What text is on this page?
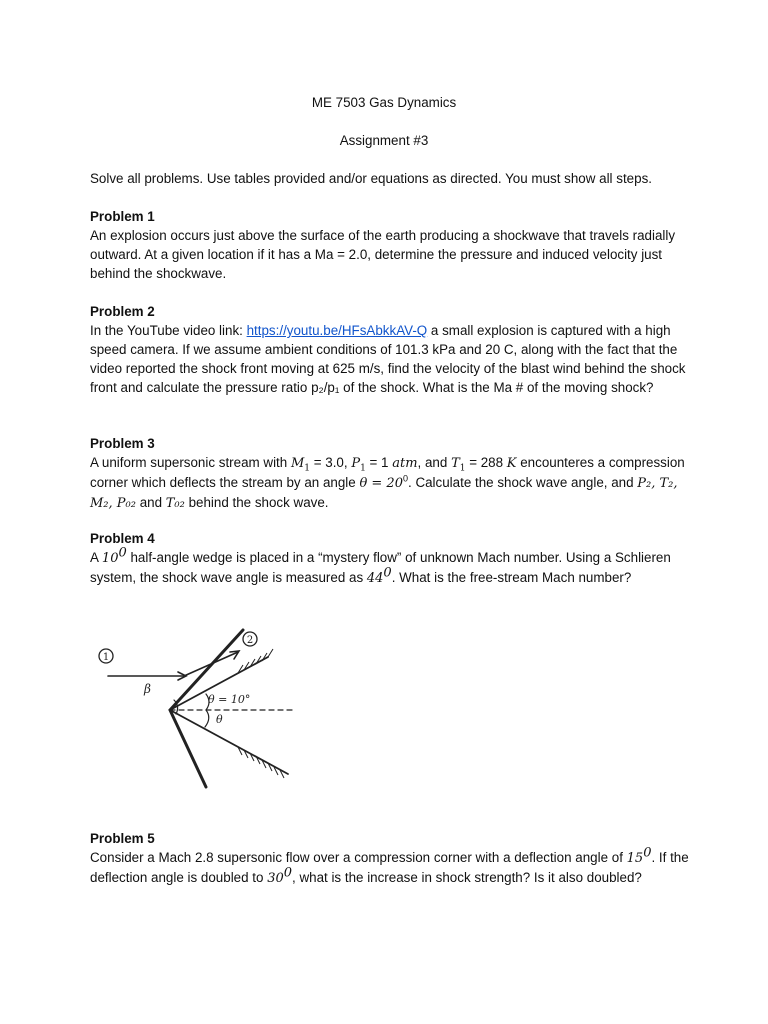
ME 7503 Gas Dynamics
Assignment #3
Solve all problems. Use tables provided and/or equations as directed. You must show all steps.
Problem 1
An explosion occurs just above the surface of the earth producing a shockwave that travels radially outward. At a given location if it has a Ma = 2.0, determine the pressure and induced velocity just behind the shockwave.
Problem 2
In the YouTube video link: https://youtu.be/HFsAbkkAV-Q a small explosion is captured with a high speed camera. If we assume ambient conditions of 101.3 kPa and 20 C, along with the fact that the video reported the shock front moving at 625 m/s, find the velocity of the blast wind behind the shock front and calculate the pressure ratio p₂/p₁ of the shock. What is the Ma # of the moving shock?
Problem 3
A uniform supersonic stream with $M_1 = 3.0$, $P_1 = 1$ atm, and $T_1 = 288$ K encounteres a compression corner which deflects the stream by an angle $\theta = 20^0$. Calculate the shock wave angle, and P₂, T₂, M₂, P₀₂ and T₀₂ behind the shock wave.
Problem 4
A $10^0$ half-angle wedge is placed in a “mystery flow” of unknown Mach number. Using a Schlieren system, the shock wave angle is measured as $44^0$. What is the free-stream Mach number?
1
2
β
θ = 10°
θ
Problem 5
Consider a Mach 2.8 supersonic flow over a compression corner with a deflection angle of $15^0$. If the deflection angle is doubled to $30^0$, what is the increase in shock strength? Is it also doubled?
